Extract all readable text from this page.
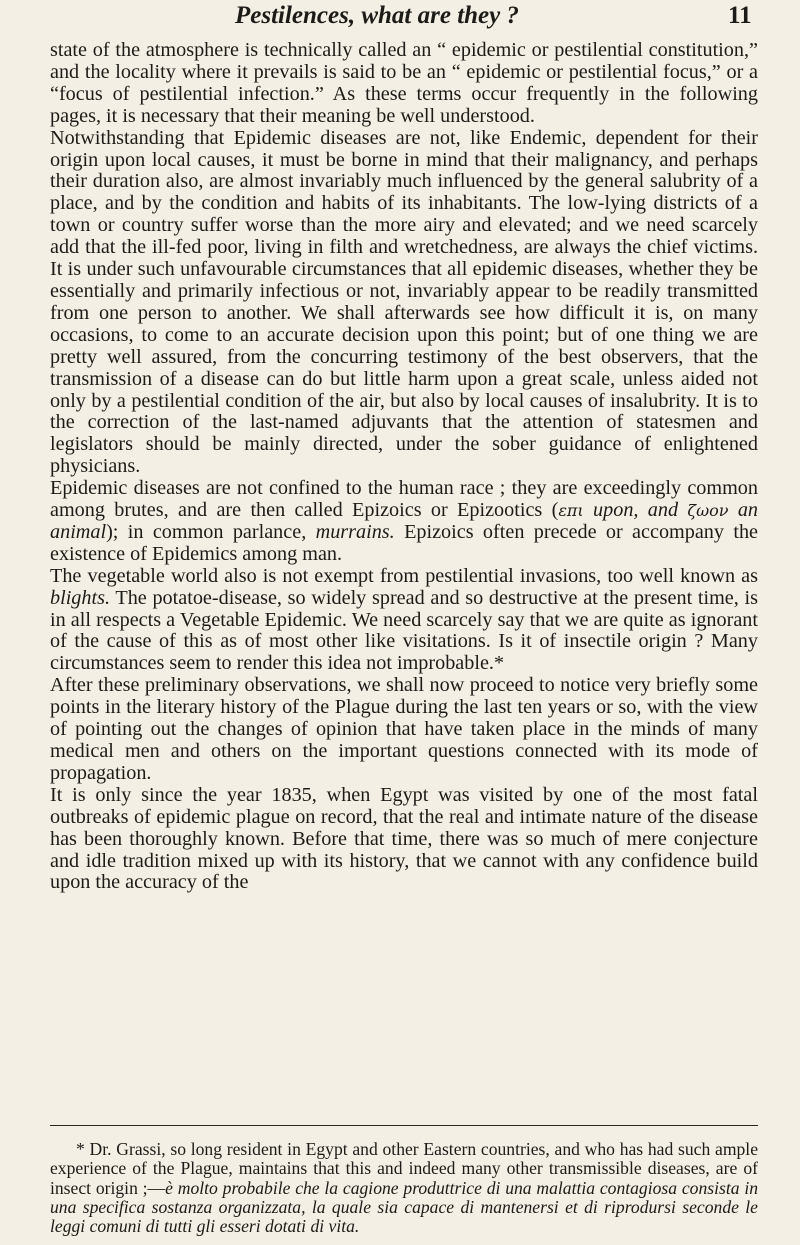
Pestilences, what are they ?	11

state of the atmosphere is technically called an “ epidemic or pestilential constitution,” and the locality where it prevails is said to be an “ epidemic or pestilential focus,” or a “focus of pestilential infection.” As these terms occur frequently in the following pages, it is necessary that their meaning be well understood.

Notwithstanding that Epidemic diseases are not, like Endemic, dependent for their origin upon local causes, it must be borne in mind that their malignancy, and perhaps their duration also, are almost invariably much influenced by the general salubrity of a place, and by the condition and habits of its inhabitants. The low-lying districts of a town or country suffer worse than the more airy and elevated; and we need scarcely add that the ill-fed poor, living in filth and wretchedness, are always the chief victims. It is under such unfavourable circumstances that all epidemic diseases, whether they be essentially and primarily infectious or not, invariably appear to be readily transmitted from one person to another. We shall afterwards see how difficult it is, on many occasions, to come to an accurate decision upon this point; but of one thing we are pretty well assured, from the concurring testimony of the best observers, that the transmission of a disease can do but little harm upon a great scale, unless aided not only by a pestilential condition of the air, but also by local causes of insalubrity. It is to the correction of the last-named adjuvants that the attention of statesmen and legislators should be mainly directed, under the sober guidance of enlightened physicians.

Epidemic diseases are not confined to the human race ; they are exceedingly common among brutes, and are then called Epizoics or Epizootics (επι upon, and ζωον an animal); in common parlance, murrains. Epizoics often precede or accompany the existence of Epidemics among man.

The vegetable world also is not exempt from pestilential invasions, too well known as blights. The potatoe-disease, so widely spread and so destructive at the present time, is in all respects a Vegetable Epidemic. We need scarcely say that we are quite as ignorant of the cause of this as of most other like visitations. Is it of insectile origin ? Many circumstances seem to render this idea not improbable.*

After these preliminary observations, we shall now proceed to notice very briefly some points in the literary history of the Plague during the last ten years or so, with the view of pointing out the changes of opinion that have taken place in the minds of many medical men and others on the important questions connected with its mode of propagation.

It is only since the year 1835, when Egypt was visited by one of the most fatal outbreaks of epidemic plague on record, that the real and intimate nature of the disease has been thoroughly known. Before that time, there was so much of mere conjecture and idle tradition mixed up with its history, that we cannot with any confidence build upon the accuracy of the

* Dr. Grassi, so long resident in Egypt and other Eastern countries, and who has had such ample experience of the Plague, maintains that this and indeed many other transmissible diseases, are of insect origin ;—è molto probabile che la cagione produttrice di una malattia contagiosa consista in una specifica sostanza organizzata, la quale sia capace di mantenersi et di riprodursi seconde le leggi comuni di tutti gli esseri dotati di vita.
